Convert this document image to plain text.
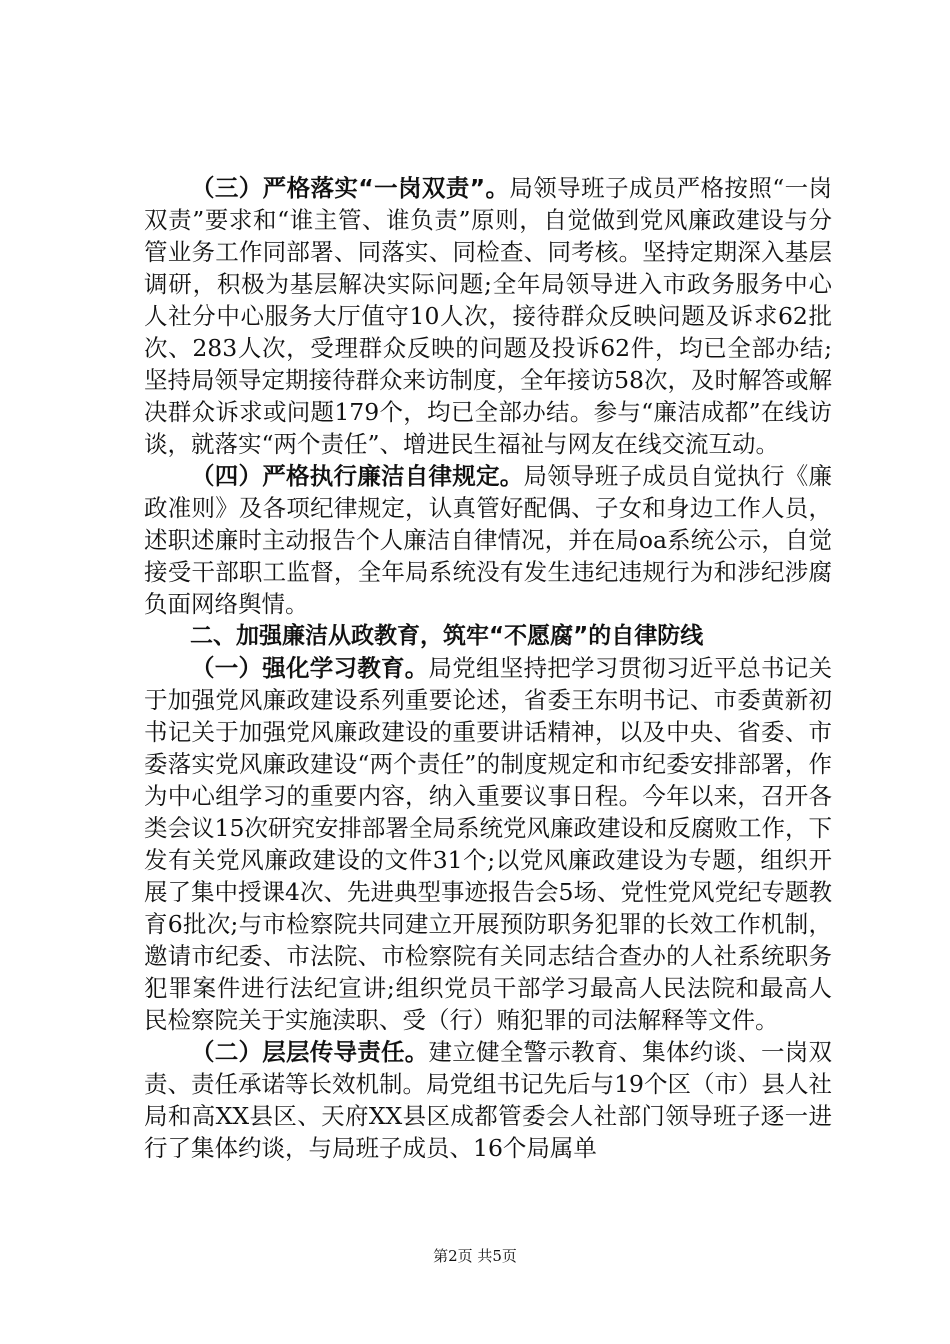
（三）严格落实“一岗双责”。局领导班子成员严格按照“一岗双责”要求和“谁主管、谁负责”原则，自觉做到党风廉政建设与分管业务工作同部署、同落实、同检查、同考核。坚持定期深入基层调研，积极为基层解决实际问题;全年局领导进入市政务服务中心人社分中心服务大厅值守10人次，接待群众反映问题及诉求62批次、283人次，受理群众反映的问题及投诉62件，均已全部办结;坚持局领导定期接待群众来访制度，全年接访58次，及时解答或解决群众诉求或问题179个，均已全部办结。参与“廉洁成都”在线访谈，就落实“两个责任”、增进民生福祉与网友在线交流互动。

（四）严格执行廉洁自律规定。局领导班子成员自觉执行《廉政准则》及各项纪律规定，认真管好配偶、子女和身边工作人员，述职述廉时主动报告个人廉洁自律情况，并在局oa系统公示，自觉接受干部职工监督，全年局系统没有发生违纪违规行为和涉纪涉腐负面网络舆情。

二、加强廉洁从政教育，筑牢“不愿腐”的自律防线

（一）强化学习教育。局党组坚持把学习贯彻习近平总书记关于加强党风廉政建设系列重要论述，省委王东明书记、市委黄新初书记关于加强党风廉政建设的重要讲话精神，以及中央、省委、市委落实党风廉政建设“两个责任”的制度规定和市纪委安排部署，作为中心组学习的重要内容，纳入重要议事日程。今年以来，召开各类会议15次研究安排部署全局系统党风廉政建设和反腐败工作，下发有关党风廉政建设的文件31个;以党风廉政建设为专题，组织开展了集中授课4次、先进典型事迹报告会5场、党性党风党纪专题教育6批次;与市检察院共同建立开展预防职务犯罪的长效工作机制，邀请市纪委、市法院、市检察院有关同志结合查办的人社系统职务犯罪案件进行法纪宣讲;组织党员干部学习最高人民法院和最高人民检察院关于实施渎职、受（行）贿犯罪的司法解释等文件。

（二）层层传导责任。建立健全警示教育、集体约谈、一岗双责、责任承诺等长效机制。局党组书记先后与19个区（市）县人社局和高XX县区、天府XX县区成都管委会人社部门领导班子逐一进行了集体约谈，与局班子成员、16个局属单

第2页 共5页
